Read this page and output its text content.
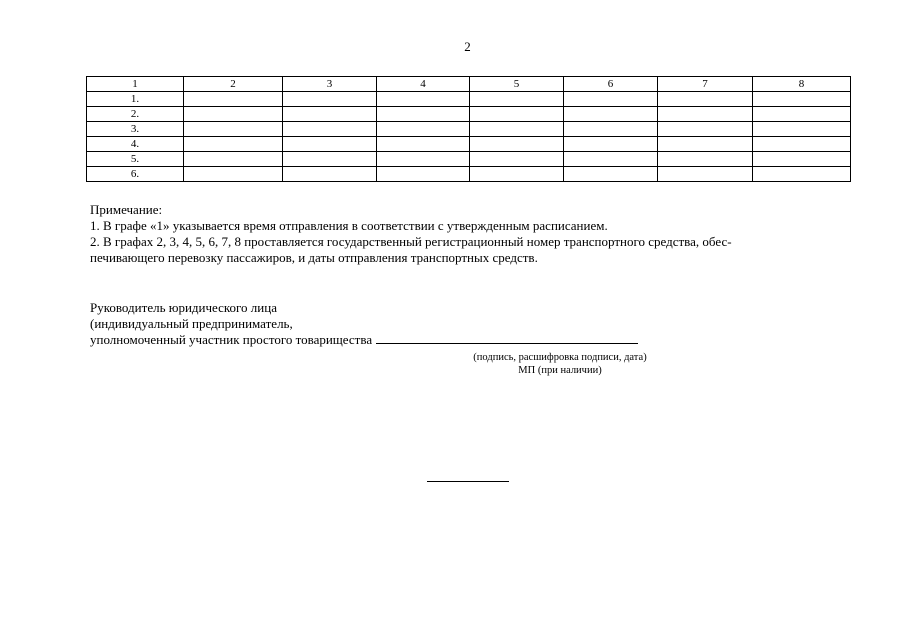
2
1	2	3	4	5	6	7	8
1.							
2.							
3.							
4.							
5.							
6.							
Примечание:
1. В графе «1» указывается время отправления в соответствии с утвержденным расписанием.
2. В графах 2, 3, 4, 5, 6, 7, 8 проставляется государственный регистрационный номер транспортного средства, обес-
печивающего перевозку пассажиров, и даты отправления транспортных средств.
Руководитель юридического лица
(индивидуальный предприниматель,
уполномоченный участник простого товарищества
(подпись, расшифровка подписи, дата)
МП (при наличии)
